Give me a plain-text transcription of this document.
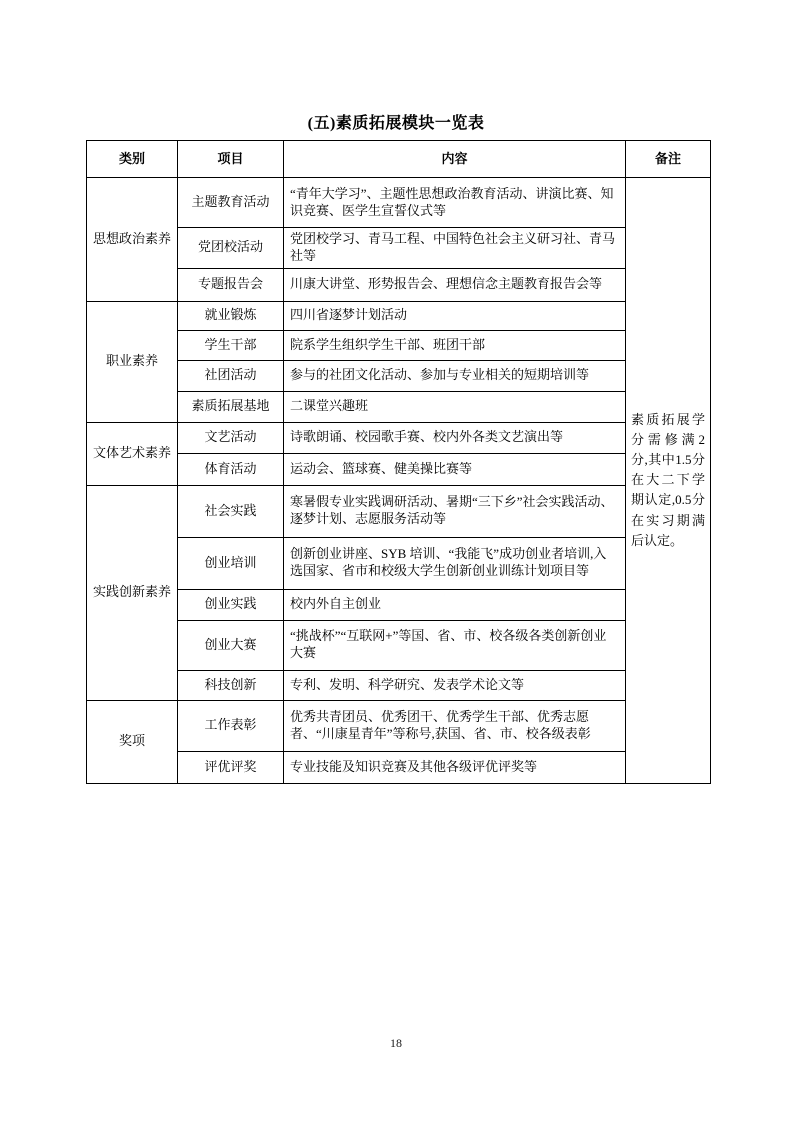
(五)素质拓展模块一览表
类别	项目	内容	备注
思想政治素养	主题教育活动	“青年大学习”、主题性思想政治教育活动、讲演比赛、知识竞赛、医学生宣誓仪式等	素质拓展学分需修满2分,其中1.5分在大二下学期认定,0.5分在实习期满后认定。

	党团校活动	党团校学习、青马工程、中国特色社会主义研习社、青马社等	
	专题报告会	川康大讲堂、形势报告会、理想信念主题教育报告会等	
职业素养	就业锻炼	四川省逐梦计划活动	
	学生干部	院系学生组织学生干部、班团干部	
	社团活动	参与的社团文化活动、参加与专业相关的短期培训等	
	素质拓展基地	二课堂兴趣班	
文体艺术素养	文艺活动	诗歌朗诵、校园歌手赛、校内外各类文艺演出等	
	体育活动	运动会、篮球赛、健美操比赛等	
实践创新素养	社会实践	寒暑假专业实践调研活动、暑期“三下乡”社会实践活动、逐梦计划、志愿服务活动等	
	创业培训	创新创业讲座、SYB 培训、“我能飞”成功创业者培训,入选国家、省市和校级大学生创新创业训练计划项目等	
	创业实践	校内外自主创业	
	创业大赛	“挑战杯”“互联网+”等国、省、市、校各级各类创新创业大赛	
	科技创新	专利、发明、科学研究、发表学术论文等	
奖项	工作表彰	优秀共青团员、优秀团干、优秀学生干部、优秀志愿者、“川康星青年”等称号,获国、省、市、校各级表彰	
	评优评奖	专业技能及知识竞赛及其他各级评优评奖等	
18
